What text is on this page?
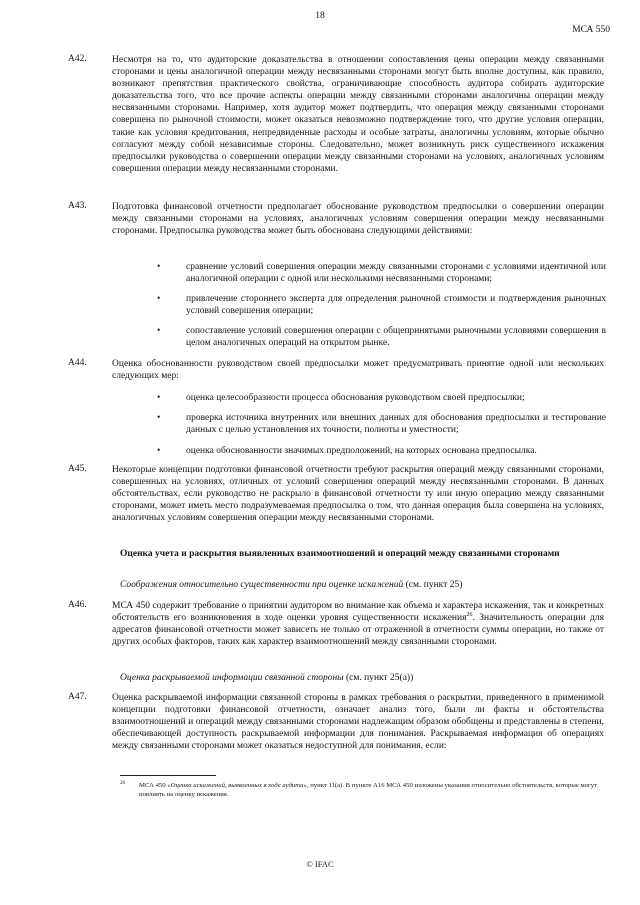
18
МСА 550
A42.	Несмотря на то, что аудиторские доказательства в отношении сопоставления цены операции между связанными сторонами и цены аналогичной операции между несвязанными сторонами могут быть вполне доступны, как правило, возникают препятствия практического свойства, ограничивающие способность аудитора собирать аудиторские доказательства того, что все прочие аспекты операции между связанными сторонами аналогичны операции между несвязанными сторонами. Например, хотя аудитор может подтвердить, что операция между связанными сторонами совершена по рыночной стоимости, может оказаться невозможно подтверждение того, что другие условия операции, такие как условия кредитования, непредвиденные расходы и особые затраты, аналогичны условиям, которые обычно согласуют между собой независимые стороны. Следовательно, может возникнуть риск существенного искажения предпосылки руководства о совершении операции между связанными сторонами на условиях, аналогичных условиям совершения операции между несвязанными сторонами.
A43.	Подготовка финансовой отчетности предполагает обоснование руководством предпосылки о совершении операции между связанными сторонами на условиях, аналогичных условиям совершения операции между несвязанными сторонами. Предпосылка руководства может быть обоснована следующими действиями:
•	сравнение условий совершения операции между связанными сторонами с условиями идентичной или аналогичной операции с одной или несколькими несвязанными сторонами;
•	привлечение стороннего эксперта для определения рыночной стоимости и подтверждения рыночных условий совершения операции;
•	сопоставление условий совершения операции с общепринятыми рыночными условиями совершения в целом аналогичных операций на открытом рынке.
A44.	Оценка обоснованности руководством своей предпосылки может предусматривать принятие одной или нескольких следующих мер:
•	оценка целесообразности процесса обоснования руководством своей предпосылки;
•	проверка источника внутренних или внешних данных для обоснования предпосылки и тестирование данных с целью установления их точности, полноты и уместности;
•	оценка обоснованности значимых предположений, на которых основана предпосылка.
A45.	Некоторые концепции подготовки финансовой отчетности требуют раскрытия операций между связанными сторонами, совершенных на условиях, отличных от условий совершения операций между несвязанными сторонами. В данных обстоятельствах, если руководство не раскрыло в финансовой отчетности ту или иную операцию между связанными сторонами, может иметь место подразумеваемая предпосылка о том, что данная операция была совершена на условиях, аналогичных условиям совершения операции между несвязанными сторонами.
Оценка учета и раскрытия выявленных взаимоотношений и операций между связанными сторонами
Соображения относительно существенности при оценке искажений (см. пункт 25)
A46.	МСА 450 содержит требование о принятии аудитором во внимание как объема и характера искажения, так и конкретных обстоятельств его возникновения в ходе оценки уровня существенности искажения$^{26}$. Значительность операции для адресатов финансовой отчетности может зависеть не только от отраженной в отчетности суммы операции, но также от других особых факторов, таких как характер взаимоотношений между связанными сторонами.
Оценка раскрываемой информации связанной стороны (см. пункт 25(а))
A47.	Оценка раскрываемой информации связанной стороны в рамках требования о раскрытии, приведенного в применимой концепции подготовки финансовой отчетности, означает анализ того, были ли факты и обстоятельства взаимоотношений и операций между связанными сторонами надлежащим образом обобщены и представлены в степени, обеспечивающей доступность раскрываемой информации для понимания. Раскрываемая информация об операциях между связанными сторонами может оказаться недоступной для понимания, если:
26	МСА 450 «Оценка искажений, выявленных в ходе аудита», пункт 11(а). В пункте А16 МСА 450 изложены указания относительно обстоятельств, которые могут повлиять на оценку искажения.
© IFAC
